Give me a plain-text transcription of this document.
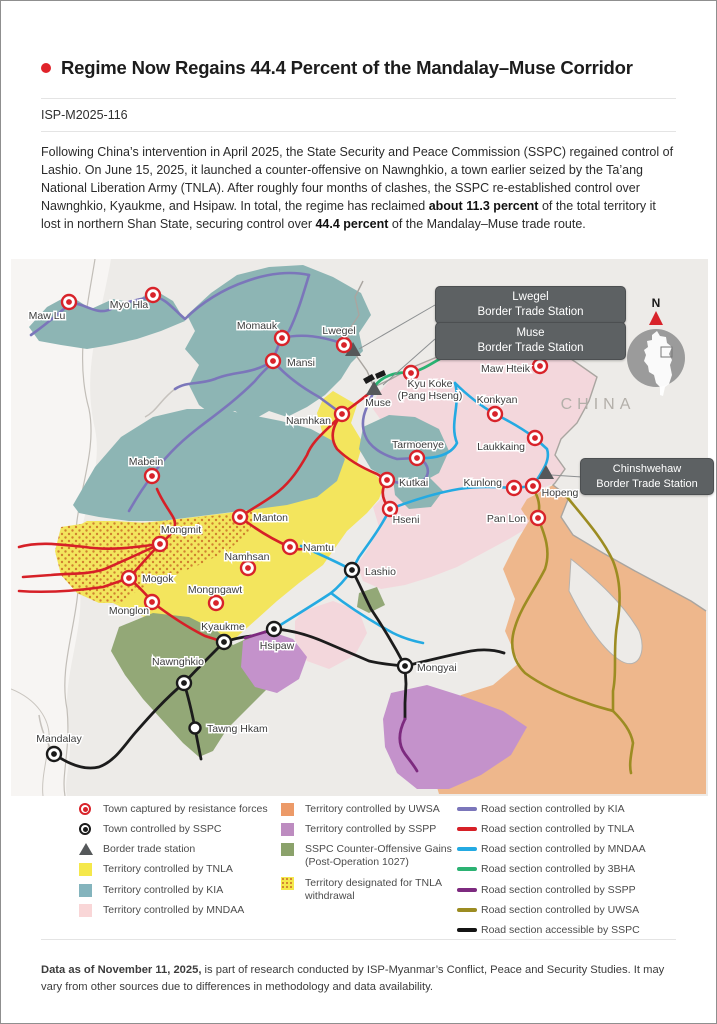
Regime Now Regains 44.4 Percent of the Mandalay–Muse Corridor
ISP-M2025-116

Following China’s intervention in April 2025, the State Security and Peace Commission (SSPC) regained control of Lashio. On June 15, 2025, it launched a counter-offensive on Nawnghkio, a town earlier seized by the Ta’ang National Liberation Army (TNLA). After roughly four months of clashes, the SSPC re-established control over Nawnghkio, Kyaukme, and Hsipaw. In total, the regime has reclaimed about 11.3 percent of the total territory it lost in northern Shan State, securing control over 44.4 percent of the Mandalay–Muse trade route.

CHINA
N
Maw Lu
Myo Hla
Momauk
Mansi
Lwegel
Namhkan
Muse
Kyu Koke (Pang Hseng)
Maw Hteik
Konkyan
Laukkaing
Tarmoenye
Kutkai
Hseni
Kunlong
Hopeng
Pan Lon
Mabein
Mongmit
Manton
Namtu
Namhsan
Mogok
Monglon
Mongngawt
Kyaukme
Hsipaw
Nawnghkio
Tawng Hkam
Mandalay
Mongyai
Lashio
Lwegel
Border Trade Station
Muse
Border Trade Station
Chinshwehaw
Border Trade Station
Town captured by resistance forces
Town controlled by SSPC
Border trade station
Territory controlled by TNLA
Territory controlled by KIA
Territory controlled by MNDAA
Territory controlled by UWSA
Territory controlled by SSPP
SSPC Counter-Offensive Gains (Post-Operation 1027)
Territory designated for TNLA withdrawal
Road section controlled by KIA
Road section controlled by TNLA
Road section controlled by MNDAA
Road section controlled by 3BHA
Road section controlled by SSPP
Road section controlled by UWSA
Road section accessible by SSPC

Data as of November 11, 2025, is part of research conducted by ISP-Myanmar’s Conflict, Peace and Security Studies. It may vary from other sources due to differences in methodology and data availability.
